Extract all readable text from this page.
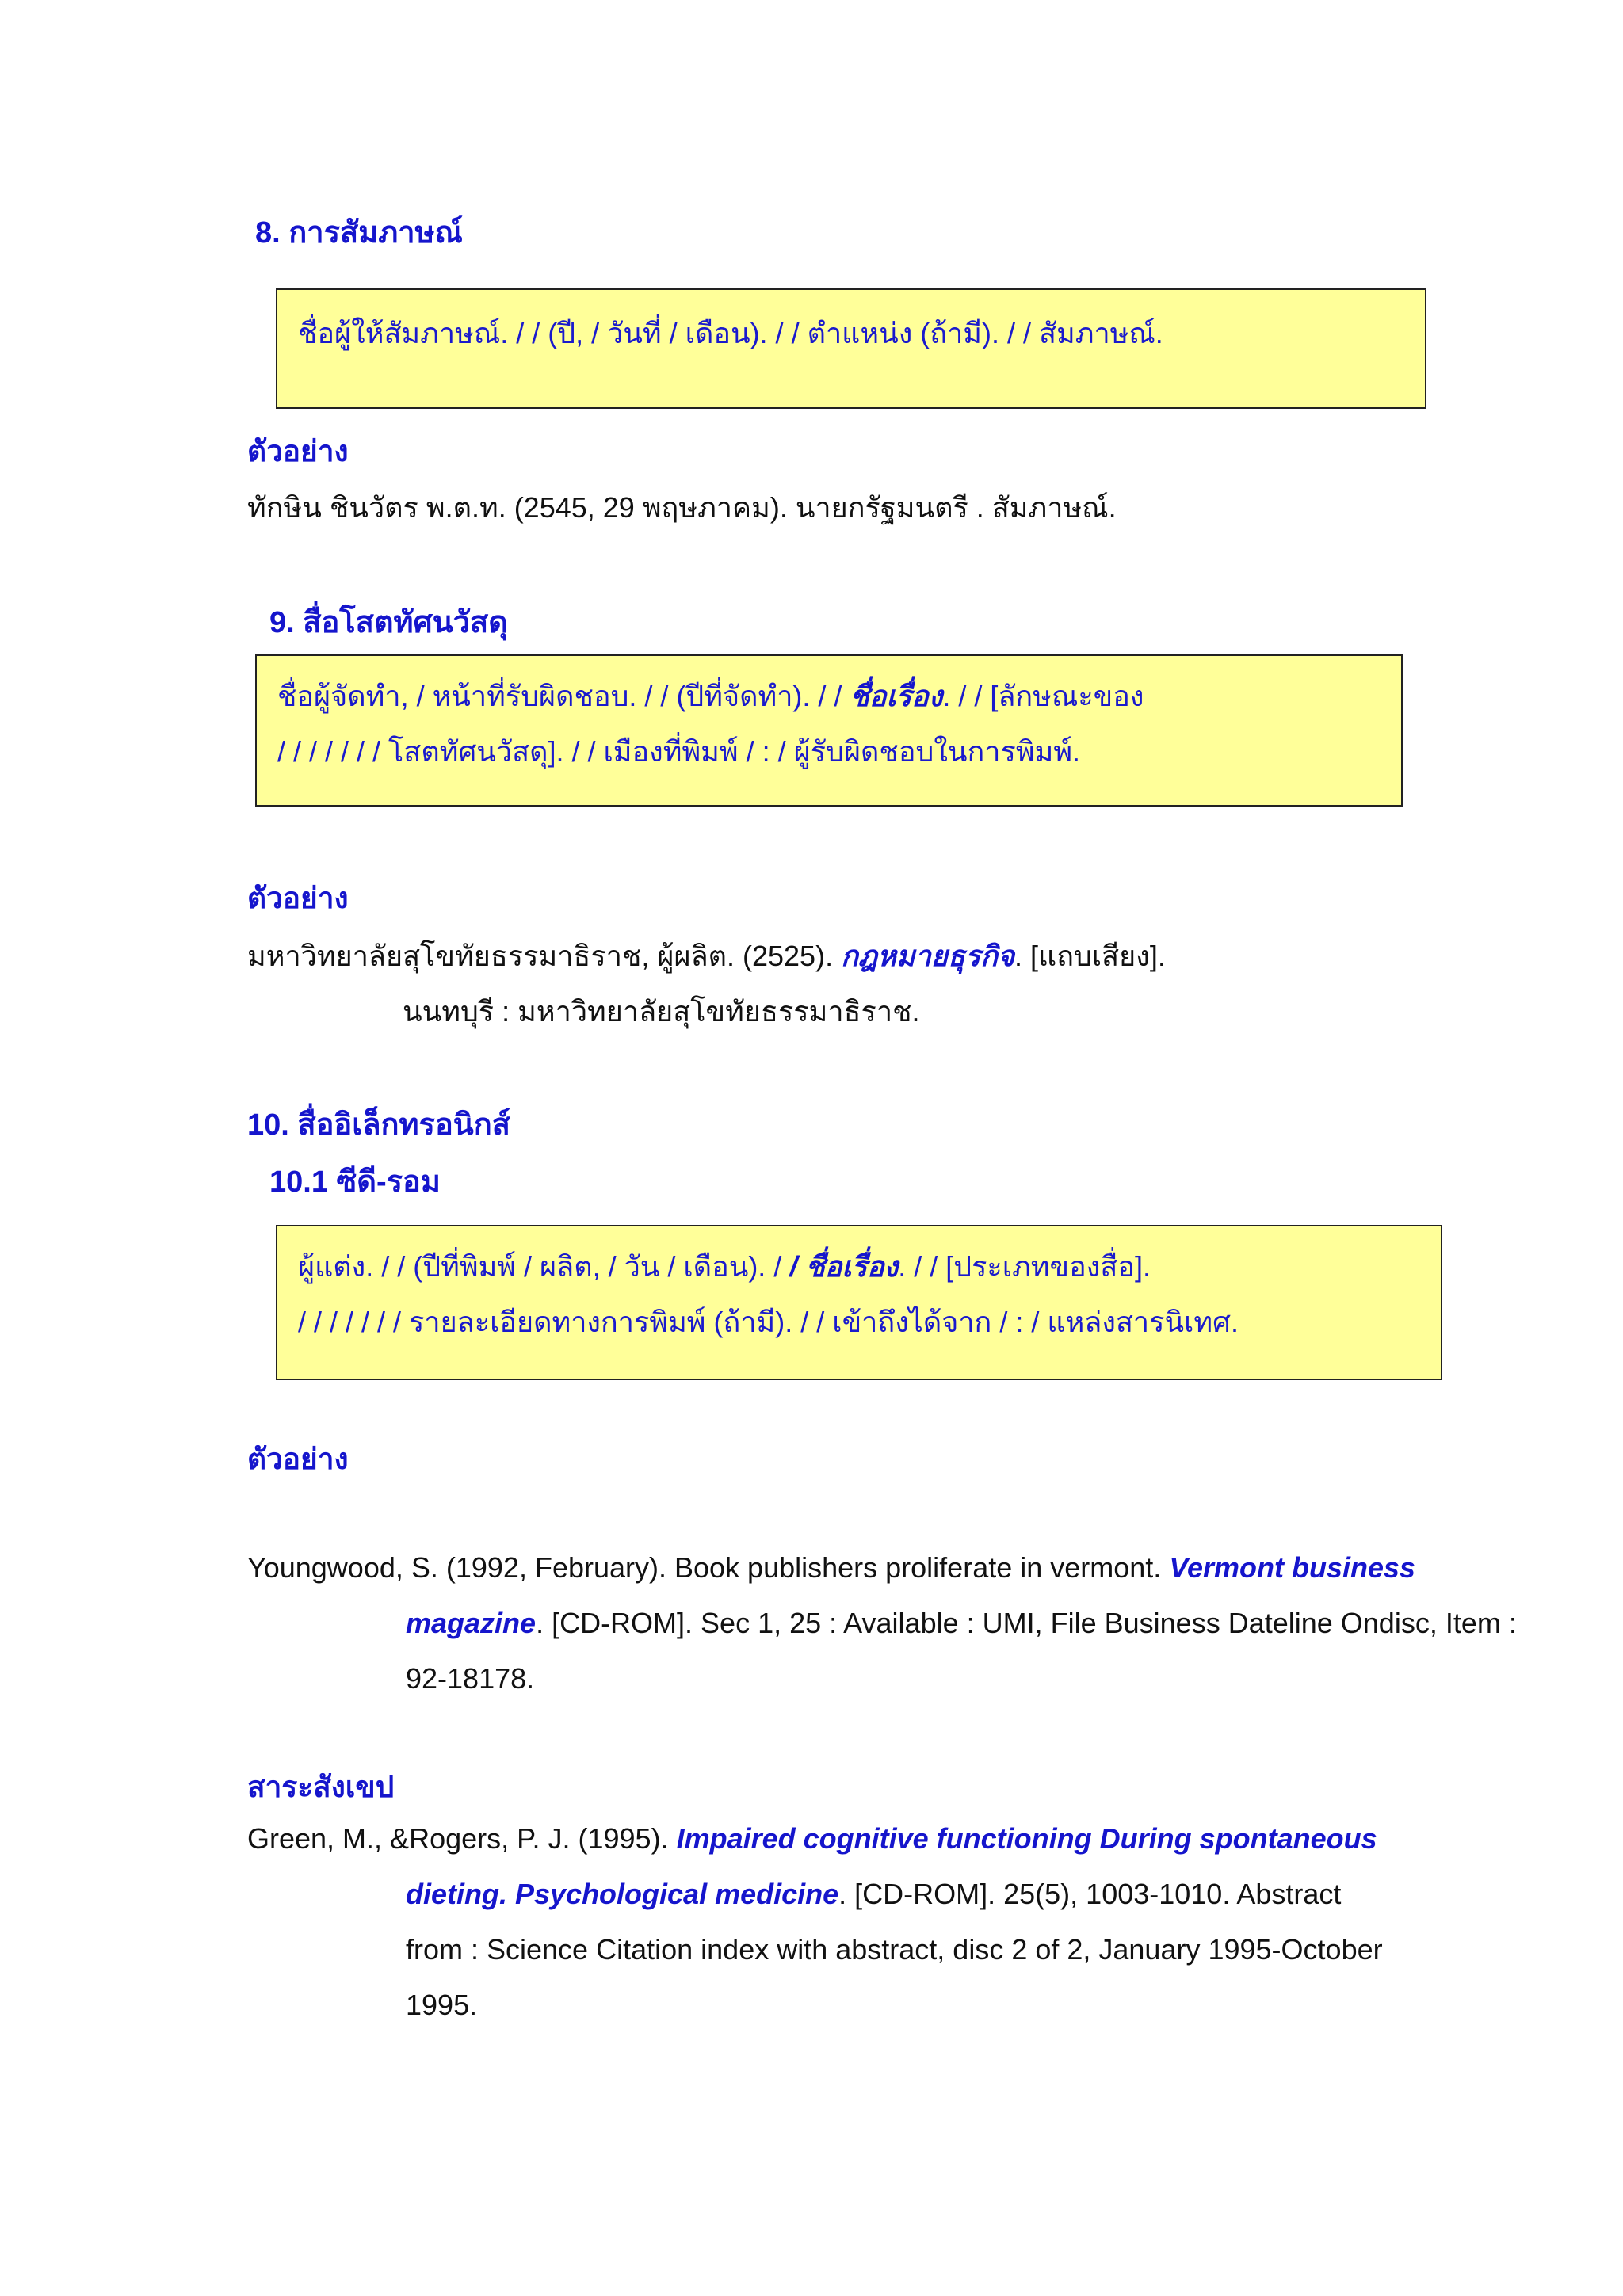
8. การสัมภาษณ์
ชื่อผู้ให้สัมภาษณ์. / / (ปี, / วันที่ / เดือน). / / ตำแหน่ง (ถ้ามี). / / สัมภาษณ์.
ตัวอย่าง
ทักษิน ชินวัตร พ.ต.ท. (2545, 29 พฤษภาคม). นายกรัฐมนตรี . สัมภาษณ์.
9. สื่อโสตทัศนวัสดุ
ชื่อผู้จัดทำ, / หน้าที่รับผิดชอบ. / / (ปีที่จัดทำ). / / ชื่อเรื่อง. / / [ลักษณะของ
/ / / / / / / โสตทัศนวัสดุ]. / / เมืองที่พิมพ์ / : / ผู้รับผิดชอบในการพิมพ์.
ตัวอย่าง
มหาวิทยาลัยสุโขทัยธรรมาธิราช, ผู้ผลิต. (2525). กฎหมายธุรกิจ. [แถบเสียง].
นนทบุรี : มหาวิทยาลัยสุโขทัยธรรมาธิราช.
10. สื่ออิเล็กทรอนิกส์
10.1 ซีดี-รอม
ผู้แต่ง. / / (ปีที่พิมพ์ / ผลิต, / วัน / เดือน). / / ชื่อเรื่อง. / / [ประเภทของสื่อ].
/ / / / / / / รายละเอียดทางการพิมพ์ (ถ้ามี). / / เข้าถึงได้จาก / : / แหล่งสารนิเทศ.
ตัวอย่าง
Youngwood, S. (1992, February). Book publishers proliferate in vermont. Vermont business
magazine. [CD-ROM]. Sec 1, 25 : Available : UMI, File Business Dateline Ondisc, Item :
92-18178.
สาระสังเขป
Green, M., &Rogers, P. J. (1995). Impaired cognitive functioning During spontaneous
dieting. Psychological medicine. [CD-ROM]. 25(5), 1003-1010. Abstract
from : Science Citation index with abstract, disc 2 of 2, January 1995-October
1995.
